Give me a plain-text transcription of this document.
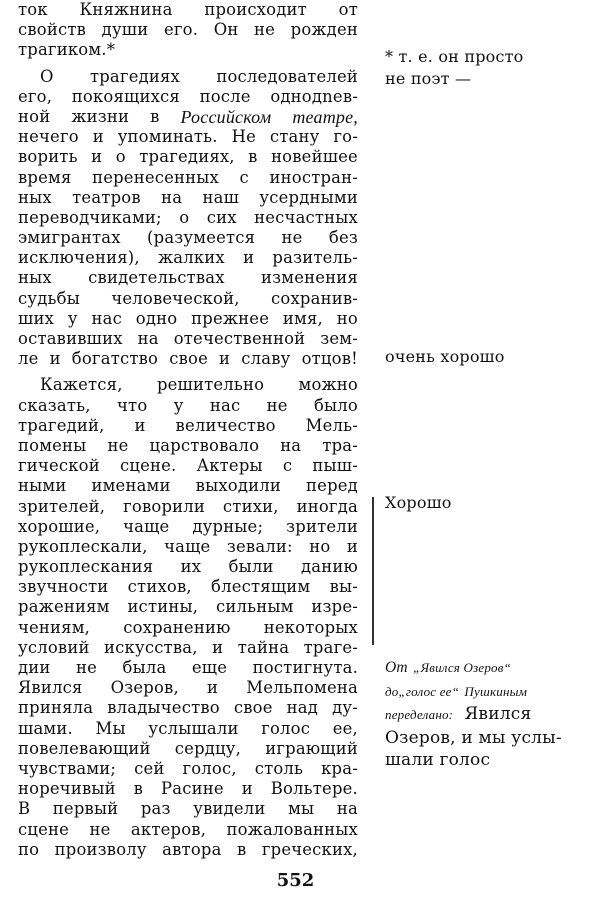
ток Княжнина происходит от
свойств души его. Он не рожден
трагиком.*
О трагедиях последователей
его, покоящихся после однодnев-
ной жизни в Российском театре,
нечего и упоминать. Не стану го-
ворить и о трагедиях, в новейшее
время перенесенных с иностран-
ных театров на наш усердными
переводчиками; о сих несчастных
эмигрантах (разумеется не без
исключения), жалких и разитель-
ных свидетельствах изменения
судьбы человеческой, сохранив-
ших у нас одно прежнее имя, но
оставивших на отечественной зем-
ле и богатство свое и славу отцов!
Кажется, решительно можно
сказать, что у нас не было
трагедий, и величество Мель-
помены не царствовало на тра-
гической сцене. Актеры с пыш-
ными именами выходили перед
зрителей, говорили стихи, иногда
хорошие, чаще дурные; зрители
рукоплескали, чаще зевали: но и
рукоплескания их были данию
звучности стихов, блестящим вы-
ражениям истины, сильным изре-
чениям, сохранению некоторых
условий искусства, и тайна траге-
дии не была еще постигнута.
Явился Озеров, и Мельпомена
приняла владычество свое над ду-
шами. Мы услышали голос ее,
повелевающий сердцу, играющий
чувствами; сей голос, столь кра-
норечивый в Расине и Вольтере.
В первый раз увидели мы на
сцене не актеров, пожалованных
по произволу автора в греческих,
* т. е. он просто
не поэт —
очень хорошо
Хорошо
От „Явился Озеров“
до„голос ее“ Пушкиным
переделано: Явился
Озеров, и мы услы-
шали голос
552
